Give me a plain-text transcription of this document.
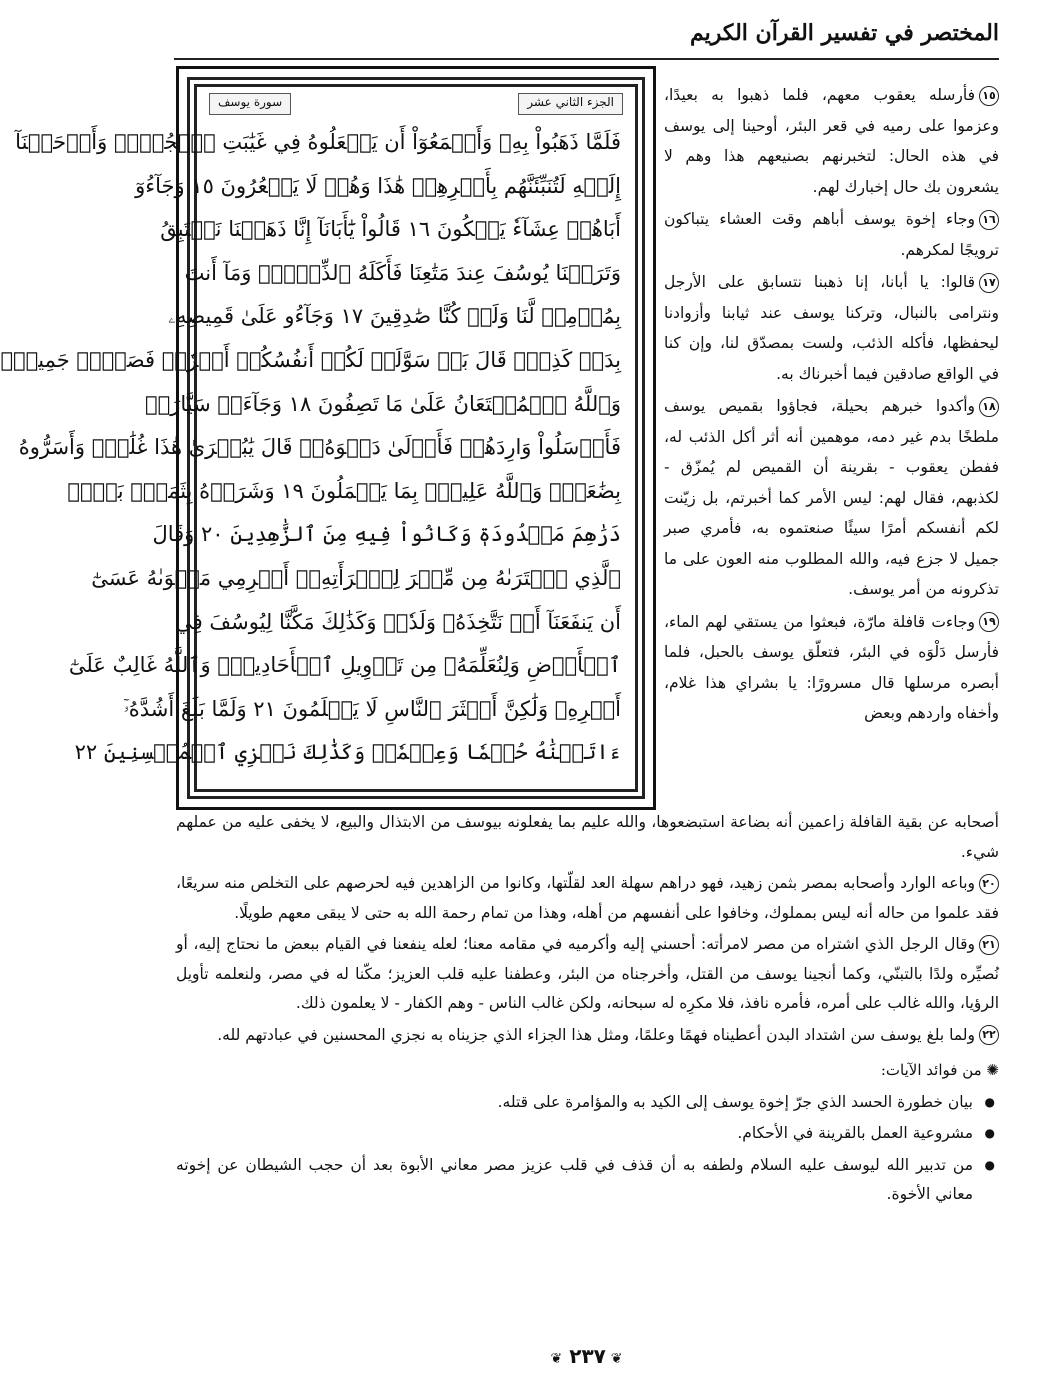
المختصر في تفسير القرآن الكريم
الجزء الثاني عشر
سورة يوسف
فَلَمَّا ذَهَبُواْ بِهِۦ وَأَجۡمَعُوٓاْ أَن يَجۡعَلُوهُ فِي غَيَٰبَتِ ٱلۡجُبِّۚ وَأَوۡحَيۡنَآ
إِلَيۡهِ لَتُنَبِّئَنَّهُم بِأَمۡرِهِمۡ هَٰذَا وَهُمۡ لَا يَشۡعُرُونَ ١٥ وَجَآءُوٓ
أَبَاهُمۡ عِشَآءٗ يَبۡكُونَ ١٦ قَالُواْ يَٰٓأَبَانَآ إِنَّا ذَهَبۡنَا نَسۡتَبِقُ
وَتَرَكۡنَا يُوسُفَ عِندَ مَتَٰعِنَا فَأَكَلَهُ ٱلذِّئۡبُۖ وَمَآ أَنتَ
بِمُؤۡمِنٖ لَّنَا وَلَوۡ كُنَّا صَٰدِقِينَ ١٧ وَجَآءُو عَلَىٰ قَمِيصِهِۦ
بِدَمٖ كَذِبٖۚ قَالَ بَلۡ سَوَّلَتۡ لَكُمۡ أَنفُسُكُمۡ أَمۡرٗاۖ فَصَبۡرٞ جَمِيلٞۖ
وَٱللَّهُ ٱلۡمُسۡتَعَانُ عَلَىٰ مَا تَصِفُونَ ١٨ وَجَآءَتۡ سَيَّارَةٞ
فَأَرۡسَلُواْ وَارِدَهُمۡ فَأَدۡلَىٰ دَلۡوَهُۥۖ قَالَ يَٰبُشۡرَىٰ هَٰذَا غُلَٰمٞۚ وَأَسَرُّوهُ
بِضَٰعَةٗۚ وَٱللَّهُ عَلِيمُۢ بِمَا يَعۡمَلُونَ ١٩ وَشَرَوۡهُ بِثَمَنِۭ بَخۡسٖ
دَرَٰهِمَ مَعۡدُودَةٖ وَكَانُواْ فِيهِ مِنَ ٱلزَّٰهِدِينَ ٢٠ وَقَالَ
ٱلَّذِي ٱشۡتَرَىٰهُ مِن مِّصۡرَ لِٱمۡرَأَتِهِۦٓ أَكۡرِمِي مَثۡوَىٰهُ عَسَىٰٓ
أَن يَنفَعَنَآ أَوۡ نَتَّخِذَهُۥ وَلَدٗاۚ وَكَذَٰلِكَ مَكَّنَّا لِيُوسُفَ فِي
ٱلۡأَرۡضِ وَلِنُعَلِّمَهُۥ مِن تَأۡوِيلِ ٱلۡأَحَادِيثِۚ وَٱللَّهُ غَالِبٌ عَلَىٰٓ
أَمۡرِهِۦ وَلَٰكِنَّ أَكۡثَرَ ٱلنَّاسِ لَا يَعۡلَمُونَ ٢١ وَلَمَّا بَلَغَ أَشُدَّهُۥٓ
ءَاتَيۡنَٰهُ حُكۡمٗا وَعِلۡمٗاۚ وَكَذَٰلِكَ نَجۡزِي ٱلۡمُحۡسِنِينَ ٢٢

١٥فأرسله يعقوب معهم، فلما ذهبوا به بعيدًا، وعزموا على رميه في قعر البئر، أوحينا إلى يوسف في هذه الحال: لتخبرنهم بصنيعهم هذا وهم لا يشعرون بك حال إخبارك لهم.

١٦وجاء إخوة يوسف أباهم وقت العشاء يتباكون ترويجًا لمكرهم.

١٧قالوا: يا أبانا، إنا ذهبنا نتسابق على الأرجل ونترامى بالنبال، وتركنا يوسف عند ثيابنا وأزوادنا ليحفظها، فأكله الذئب، ولست بمصدّق لنا، وإن كنا في الواقع صادقين فيما أخبرناك به.

١٨وأكدوا خبرهم بحيلة، فجاؤوا بقميص يوسف ملطخًا بدم غير دمه، موهمين أنه أثر أكل الذئب له، ففطن يعقوب - بقرينة أن القميص لم يُمزّق - لكذبهم، فقال لهم: ليس الأمر كما أخبرتم، بل زيّنت لكم أنفسكم أمرًا سيئًا صنعتموه به، فأمري صبر جميل لا جزع فيه، والله المطلوب منه العون على ما تذكرونه من أمر يوسف.

١٩وجاءت قافلة مارّة، فبعثوا من يستقي لهم الماء، فأرسل دَلْوَه في البئر، فتعلّق يوسف بالحبل، فلما أبصره مرسلها قال مسرورًا: يا بشراي هذا غلام، وأخفاه واردهم وبعض

أصحابه عن بقية القافلة زاعمين أنه بضاعة استبضعوها، والله عليم بما يفعلونه بيوسف من الابتذال والبيع، لا يخفى عليه من عملهم شيء.

٢٠وباعه الوارد وأصحابه بمصر بثمن زهيد، فهو دراهم سهلة العد لقلّتها، وكانوا من الزاهدين فيه لحرصهم على التخلص منه سريعًا، فقد علموا من حاله أنه ليس بمملوك، وخافوا على أنفسهم من أهله، وهذا من تمام رحمة الله به حتى لا يبقى معهم طويلًا.

٢١وقال الرجل الذي اشتراه من مصر لامرأته: أحسني إليه وأكرميه في مقامه معنا؛ لعله ينفعنا في القيام ببعض ما نحتاج إليه، أو نُصيِّره ولدًا بالتبنّي، وكما أنجينا يوسف من القتل، وأخرجناه من البئر، وعطفنا عليه قلب العزيز؛ مكّنا له في مصر، ولنعلمه تأويل الرؤيا، والله غالب على أمره، فأمره نافذ، فلا مكرِه له سبحانه، ولكن غالب الناس - وهم الكفار - لا يعلمون ذلك.

٢٢ولما بلغ يوسف سن اشتداد البدن أعطيناه فهمًا وعلمًا، ومثل هذا الجزاء الذي جزيناه به نجزي المحسنين في عبادتهم لله.

✺ من فوائد الآيات:
● بيان خطورة الحسد الذي جرّ إخوة يوسف إلى الكيد به والمؤامرة على قتله.
● مشروعية العمل بالقرينة في الأحكام.
● من تدبير الله ليوسف عليه السلام ولطفه به أن قذف في قلب عزيز مصر معاني الأبوة بعد أن حجب الشيطان عن إخوته معاني الأخوة.
❦ ٢٣٧ ❦
